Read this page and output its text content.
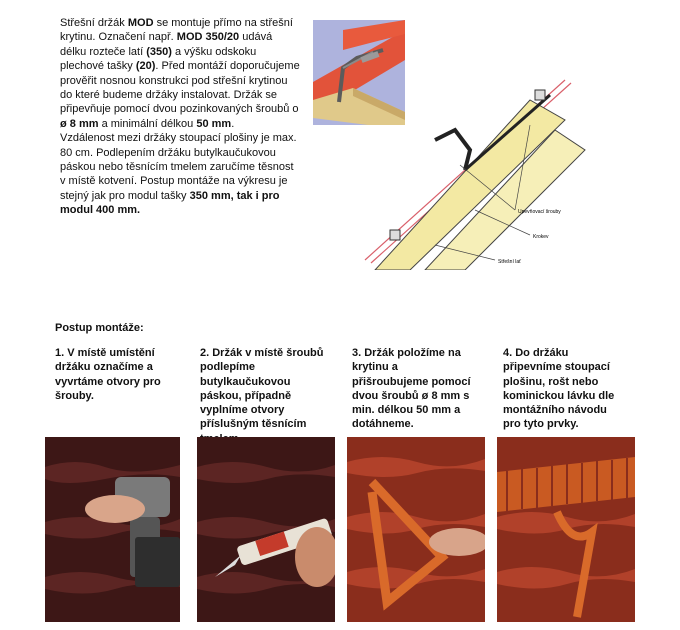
Střešní držák MOD se montuje přímo na střešní krytinu. Označení např. MOD 350/20 udává délku rozteče latí (350) a výšku odskoku plechové tašky (20). Před montáží doporučujeme prověřit nosnou konstrukci pod střešní krytinou do které budeme držáky instalovat. Držák se připevňuje pomocí dvou pozinkovaných šroubů o ø 8 mm a minimální délkou 50 mm.
Vzdálenost mezi držáky stoupací plošiny je max. 80 cm. Podlepením držáku butylkaučukovou páskou nebo těsnícím tmelem zaručíme těsnost v místě kotvení. Postup montáže na výkresu je stejný jak pro modul tašky 350 mm, tak i pro modul 400 mm.	Upevňovací šrouby
Krokev
Střešní lať
Postup montáže:
1. V místě umístění držáku označíme a vyvrtáme otvory pro šrouby.
2. Držák v místě šroubů podlepíme butylkaučukovou páskou, případně vyplníme otvory příslušným těsnícím
3. Držák položíme na krytinu a přišroubujeme pomocí dvou šroubů ø 8 mm s min. délkou 50 mm a dotáhneme.
4. Do držáku připevníme stoupací plošinu, rošt nebo kominickou lávku dle montážního návodu pro tyto prvky.
